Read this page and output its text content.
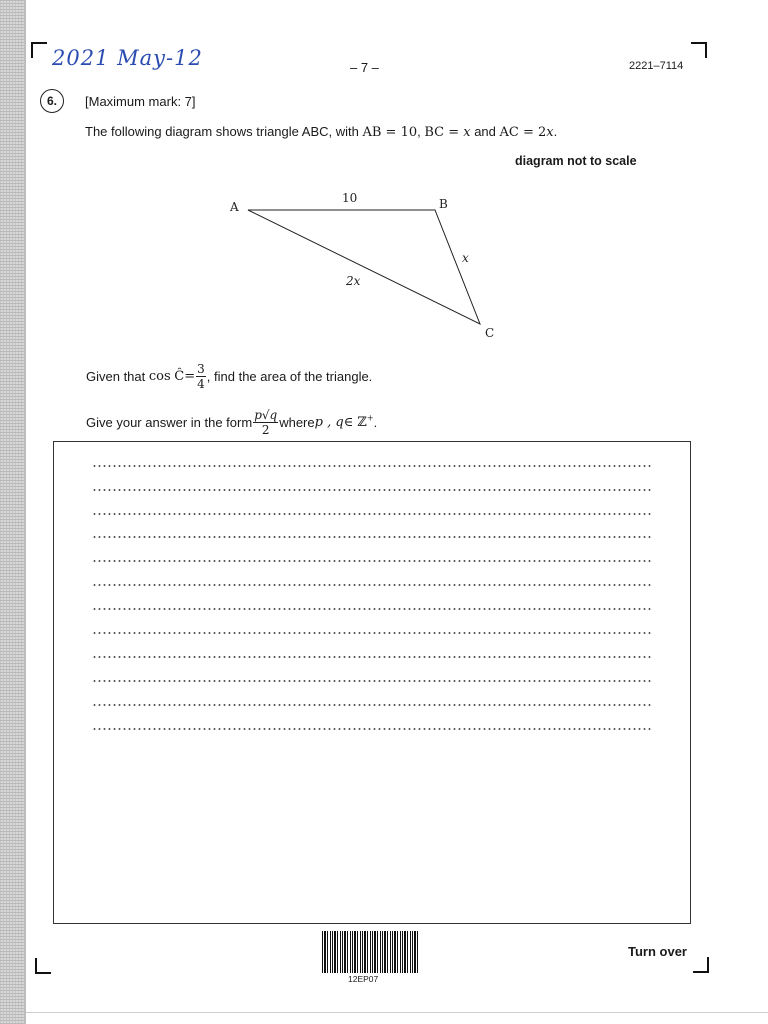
2021 May-12	– 7 –	2221–7114
6.	[Maximum mark: 7]
The following diagram shows triangle ABC, with AB = 10, BC = x and AC = 2x.
diagram not to scale
A	B
C
10
x
2x
Given that cos Ĉ= $\frac{3}{4}$ , find the area of the triangle.
Give your answer in the form $\frac{p√q}{2}$ wherep , q∈ ℤ+.
12EP07
Turn over
